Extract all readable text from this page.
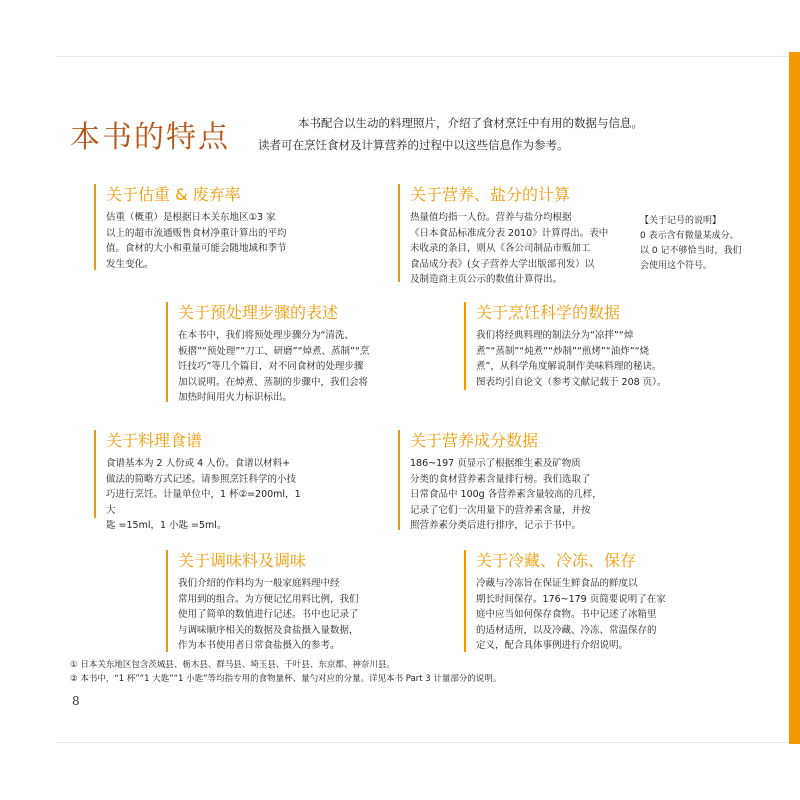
本书的特点	本书配合以生动的料理照片，介绍了食材烹饪中有用的数据与信息。

读者可在烹饪食材及计算营养的过程中以这些信息作为参考。

关于估重 & 废弃率

估重（概重）是根据日本关东地区①3 家

以上的超市流通贩售食材净重计算出的平均

值。食材的大小和重量可能会随地域和季节

发生变化。

关于营养、盐分的计算

热量值均指一人份。营养与盐分均根据

《日本食品标准成分表 2010》计算得出。表中

未收录的条目，则从《各公司制品市贩加工

食品成分表》(女子营养大学出版部刊发）以

及制造商主页公示的数值计算得出。

【关于记号的说明】

0 表示含有微量某成分。

以 0 记不够恰当时，我们

会使用这个符号。

关于预处理步骤的表述

在本书中，我们将预处理步骤分为“清洗、

板摺”“预处理”“刀工、研磨”“焯煮、蒸制”“烹

饪技巧”等几个篇目，对不同食材的处理步骤

加以说明。在焯煮、蒸制的步骤中，我们会将

加热时间用火力标识标出。

关于烹饪科学的数据

我们将经典料理的制法分为“凉拌”“焯

煮”“蒸制”“炖煮”“炒制”“煎烤”“油炸”“烧

煮”，从科学角度解说制作美味料理的秘诀。

图表均引自论文（参考文献记载于 208 页）。

关于料理食谱

食谱基本为 2 人份或 4 人份。食谱以材料+

做法的简略方式记述。请参照烹饪科学的小技

巧进行烹饪。计量单位中，1 杯②=200ml，1 大

匙 =15ml，1 小匙 =5ml。

关于营养成分数据

186~197 页显示了根据维生素及矿物质

分类的食材营养素含量排行榜。我们选取了

日常食品中 100g 各营养素含量较高的几样，

记录了它们一次用量下的营养素含量，并按

照营养素分类后进行排序，记示于书中。

关于调味料及调味

我们介绍的作料均为一般家庭料理中经

常用到的组合。为方便记忆用料比例，我们

使用了简单的数值进行记述。书中也记录了

与调味顺序相关的数据及食盐摄入量数据，

作为本书使用者日常食盐摄入的参考。

关于冷藏、冷冻、保存

冷藏与冷冻旨在保证生鲜食品的鲜度以

期长时间保存。176~179 页简要说明了在家

庭中应当如何保存食物。书中记述了冰箱里

的适材适所，以及冷藏、冷冻、常温保存的

定义，配合具体事例进行介绍说明。

① 日本关东地区包含茨城县、栃木县、群马县、埼玉县、千叶县、东京都、神奈川县。

② 本书中，“1 杯”“1 大匙”“1 小匙”等均指专用的食物量杯、量勺对应的分量。详见本书 Part 3 计量部分的说明。

8
